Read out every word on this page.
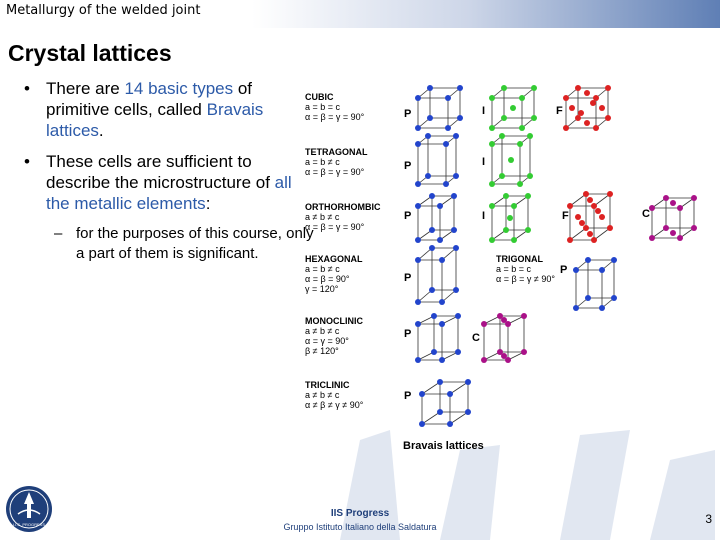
Metallurgy of the welded joint
Crystal lattices
• There are 14 basic types of primitive cells, called Bravais lattices.
• These cells are sufficient to describe the microstructure of all the metallic elements:
– for the purposes of this course, only a part of them is significant.
CUBIC
a = b = c
α = β = γ = 90°
TETRAGONAL
a = b ≠ c
α = β = γ = 90°
ORTHORHOMBIC
a ≠ b ≠ c
α = β = γ = 90°
HEXAGONAL
a = b ≠ c
α = β = 90°
γ = 120°
MONOCLINIC
a ≠ b ≠ c
α = γ = 90°
β ≠ 120°
TRICLINIC
a ≠ b ≠ c
α ≠ β ≠ γ ≠ 90°
TRIGONAL
a = b = c
α = β = γ ≠ 90°
P	I	F
P	I
P	I	F	C
P
P
P	C
P
Bravais lattices
I.I.S. PROGRESS
IIS Progress
Gruppo Istituto Italiano della Saldatura
3
